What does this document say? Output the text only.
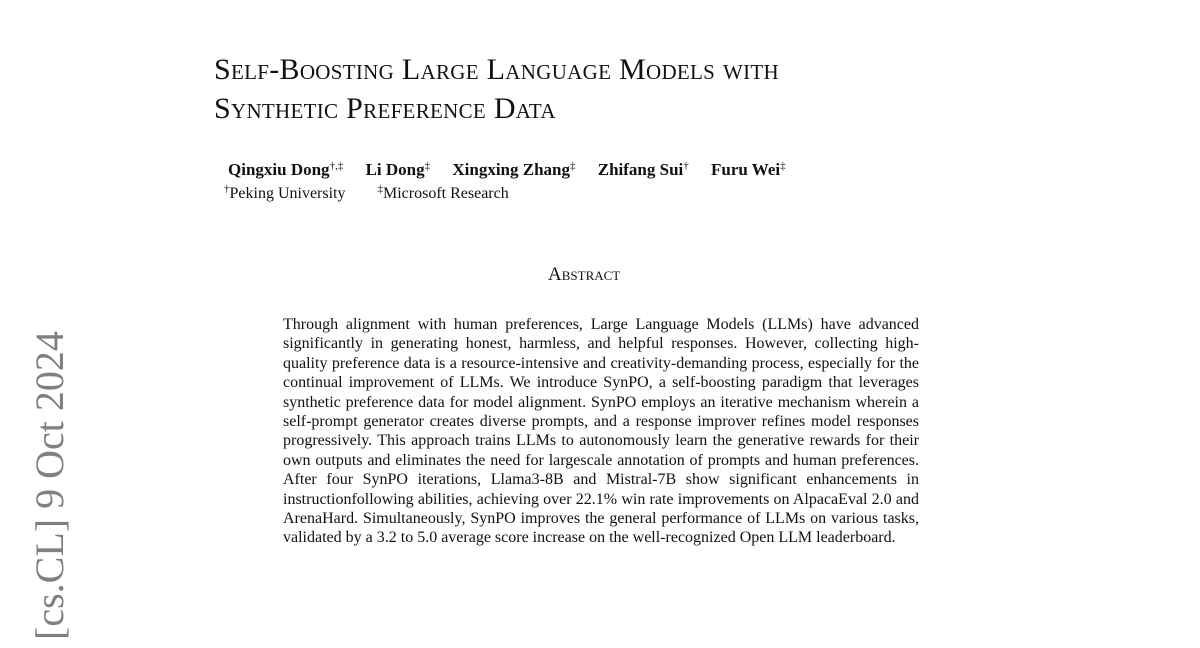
Self-Boosting Large Language Models with
Synthetic Preference Data
Qingxiu Dong†,‡ Li Dong‡ Xingxing Zhang‡ Zhifang Sui† Furu Wei‡
†Peking University	‡Microsoft Research
Abstract

Through alignment with human preferences, Large Language Models (LLMs) have advanced significantly in generating honest, harmless, and helpful responses. However, collecting high-quality preference data is a resource-intensive and creativity-demanding process, especially for the continual improvement of LLMs. We introduce SynPO, a self-boosting paradigm that leverages synthetic preference data for model alignment. SynPO employs an iterative mechanism wherein a self-prompt generator creates diverse prompts, and a response improver refines model responses progressively. This approach trains LLMs to autonomously learn the generative rewards for their own outputs and eliminates the need for largescale annotation of prompts and human preferences. After four SynPO iterations, Llama3-8B and Mistral-7B show significant enhancements in instructionfollowing abilities, achieving over 22.1% win rate improvements on AlpacaEval 2.0 and ArenaHard. Simultaneously, SynPO improves the general performance of LLMs on various tasks, validated by a 3.2 to 5.0 average score increase on the well-recognized Open LLM leaderboard.

[cs.CL] 9 Oct 2024
